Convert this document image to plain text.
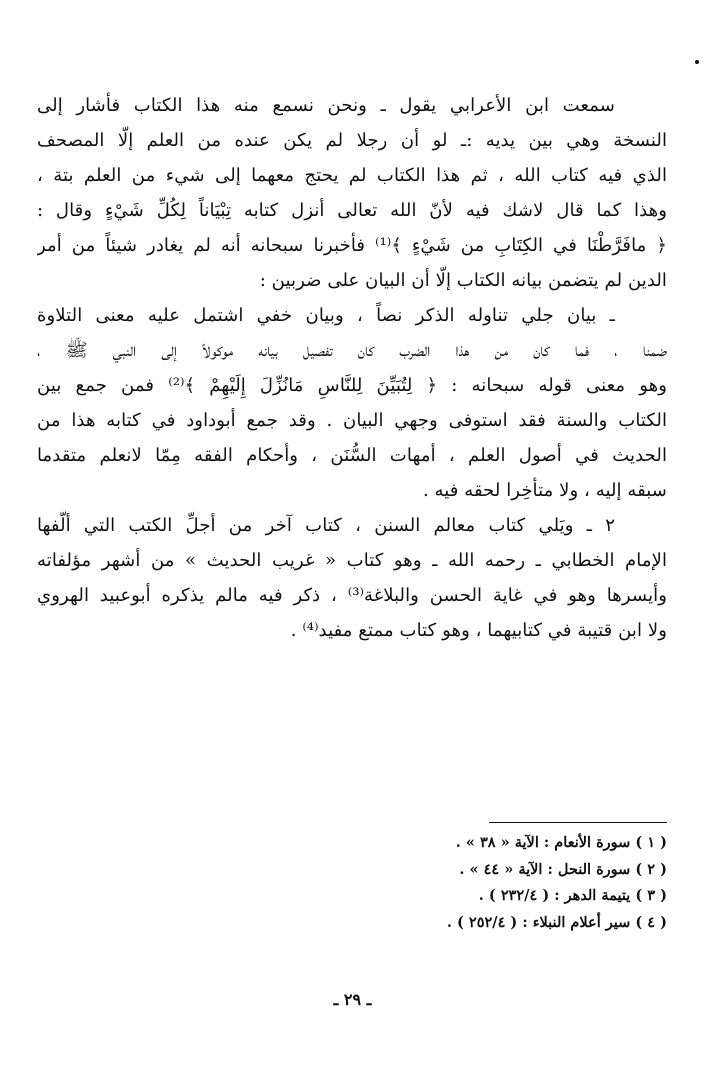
سمعت ابن الأعرابي يقول ـ ونحن نسمع منه هذا الكتاب فأشار إلى
النسخة وهي بين يديه :ـ لو أن رجلا لم يكن عنده من العلم إلّا المصحف
الذي فيه كتاب الله ، ثم هذا الكتاب لم يحتج معهما إلى شيء من العلم بتة ،
وهذا كما قال لاشك فيه لأنّ الله تعالى أنزل كتابه تِبْيَاناً لِكُلِّ شَيْءٍ وقال :
﴿ مافَرَّطْنَا في الكِتَابِ من شَيْءٍ ﴾⁽¹⁾ فأخبرنا سبحانه أنه لم يغادر شيئاً من أمر
الدين لم يتضمن بيانه الكتاب إلّا أن البيان على ضربين :
ـ بيان جلي تناوله الذكر نصاً ، وبيان خفي اشتمل عليه معنى التلاوة
ضمنا ، فما كان من هذا الضرب كان تفصيل بيانه موكولاً إلى النبي ﷺ ،
وهو معنى قوله سبحانه : ﴿ لِتُبَيِّنَ لِلنَّاسِ مَانُزِّلَ إِلَيْهِمْ ﴾⁽²⁾ فمن جمع بين
الكتاب والسنة فقد استوفى وجهي البيان . وقد جمع أبوداود في كتابه هذا من
الحديث في أصول العلم ، أمهات السُّنَن ، وأحكام الفقه مِمّا لانعلم متقدما
سبقه إليه ، ولا متأخِرا لحقه فيه .
٢ ـ ويَلي كتاب معالم السنن ، كتاب آخر من أجلِّ الكتب التي ألّفها
الإمام الخطابي ـ رحمه الله ـ وهو كتاب « غريب الحديث » من أشهر مؤلفاته
وأيسرها وهو في غاية الحسن والبلاغة⁽³⁾ ، ذكر فيه مالم يذكره أبوعبيد الهروي
ولا ابن قتيبة في كتابيهما ، وهو كتاب ممتع مفيد⁽⁴⁾ .
( ١ ) سورة الأنعام : الآية « ٣٨ » .
( ٢ ) سورة النحل : الآية « ٤٤ » .
( ٣ ) يتيمة الدهر : ( ٢٣٢/٤ ) .
( ٤ ) سير أعلام النبلاء : ( ٢٥٢/٤ ) .
ـ ٢٩ ـ
